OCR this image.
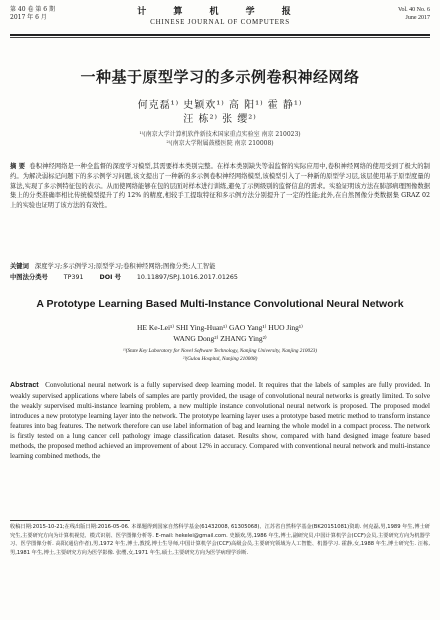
第 40 卷 第 6 期
2017 年 6 月
计 算 机 学 报
CHINESE JOURNAL OF COMPUTERS
Vol. 40 No. 6
June 2017
一种基于原型学习的多示例卷积神经网络
何克磊¹⁾ 史颖欢¹⁾ 高 阳¹⁾ 霍 静¹⁾
汪 栋²⁾ 张 缨²⁾
¹⁾(南京大学计算机软件新技术国家重点实验室 南京 210023)
²⁾(南京大学附属鼓楼医院 南京 210008)
摘 要 卷积神经网络是一种全监督的深度学习模型,其需要样本类别完整。在样本类别缺失等弱监督的实际应用中,卷积神经网络的使用受到了极大的制约。为解决弱标记问题下的多示例学习问题,该文提出了一种新的多示例卷积神经网络模型,该模型引入了一种新的原型学习层,该层使用基于原型度量的算法,实现了多示例特征包的表示。从而使网络能够在包的层面对样本进行训练,避免了示例级别的监督信息的需求。实验证明该方法在肺部病理图像数据集上的分类准确率相比传统模型提升了约 12% 的精度,相较手工提取特征和多示例方法分别提升了一定的性能;此外,在自然图像分类数据集 GRAZ 02 上的实验也证明了该方法的有效性。
关键词 深度学习;多示例学习;原型学习;卷积神经网络;图像分类;人工智能
中图法分类号	TP391	DOI 号	10.11897/SP.J.1016.2017.01265
A Prototype Learning Based Multi-Instance Convolutional Neural Network
HE Ke-Lei¹⁾ SHI Ying-Huan¹⁾ GAO Yang¹⁾ HUO Jing¹⁾
WANG Dong²⁾ ZHANG Ying²⁾
¹⁾(State Key Laboratory for Novel Software Technology, Nanjing University, Nanjing 210023)
²⁾(Gulou Hospital, Nanjing 210008)
Abstract Convolutional neural network is a fully supervised deep learning model. It requires that the labels of samples are fully provided. In weakly supervised applications where labels of samples are partly provided, the usage of convolutional neural networks is greatly limited. To solve the weakly supervised multi-instance learning problem, a new multiple instance convolutional neural network is proposed. The proposed model introduces a new prototype learning layer into the network. The prototype learning layer uses a prototype based metric method to transform instance features into bag features. The network therefore can use label information of bag and learning the whole model in a compact process. The network is firstly tested on a lung cancer cell pathology image classification dataset. Results show, compared with hand designed image feature based methods, the proposed method achieved an improvement of about 12% in accuracy. Compared with conventional neural network and multi-instance learning combined methods, the
收稿日期:2015-10-21;在线出版日期:2016-05-06. 本课题得到国家自然科学基金(61432008, 61305068)、江苏省自然科学基金(BK20151081)资助. 何克磊,男,1989 年生,博士研究生,主要研究方向为计算机视觉、模式识别、医学图像分析等. E-mail: hekelei@gmail.com. 史颖欢,男,1986 年生,博士,副研究员,中国计算机学会(CCF)会员,主要研究方向为机器学习、医学图像分析. 高阳(通信作者),男,1972 年生,博士,教授,博士生导师,中国计算机学会(CCF)高级会员,主要研究领域为人工智能、机器学习. 霍静,女,1988 年生,博士研究生. 汪栋,男,1981 年生,博士,主要研究方向为医学影像. 张缨,女,1971 年生,硕士,主要研究方向为医学病理学诊断.
